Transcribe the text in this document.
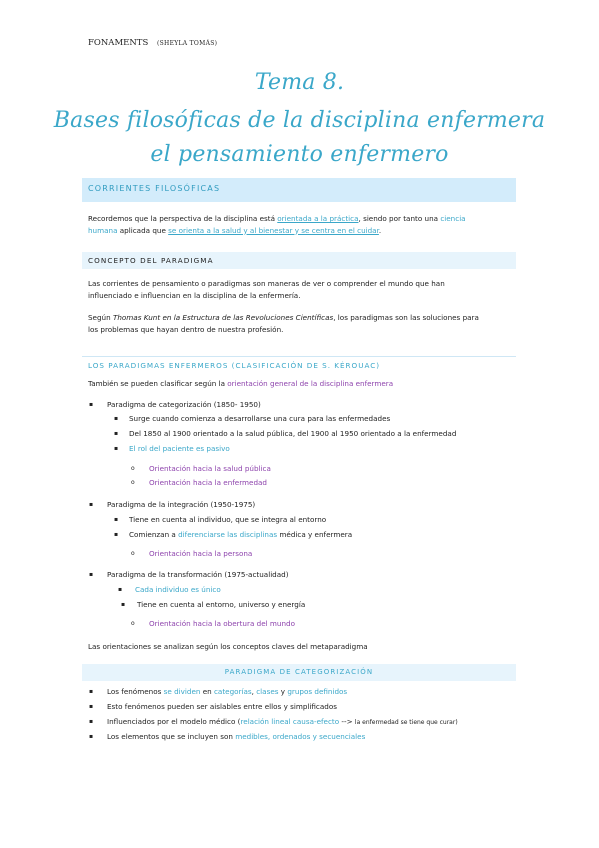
FONAMENTS (SHEYLA TOMÁS)
Tema 8.
Bases filosóficas de la disciplina enfermera
el pensamiento enfermero
CORRIENTES FILOSÓFICAS
Recordemos que la perspectiva de la disciplina está orientada a la práctica, siendo por tanto una ciencia
humana aplicada que se orienta a la salud y al bienestar y se centra en el cuidar.
CONCEPTO DEL PARADIGMA
Las corrientes de pensamiento o paradigmas son maneras de ver o comprender el mundo que han
influenciado e influencian en la disciplina de la enfermería.
Según Thomas Kunt en la Estructura de las Revoluciones Científicas, los paradigmas son las soluciones para
los problemas que hayan dentro de nuestra profesión.
LOS PARADIGMAS ENFERMEROS (CLASIFICACIÓN DE S. KÉROUAC)
También se pueden clasificar según la orientación general de la disciplina enfermera
▪ Paradigma de categorización (1850- 1950)
▪ Surge cuando comienza a desarrollarse una cura para las enfermedades
▪ Del 1850 al 1900 orientado a la salud pública, del 1900 al 1950 orientado a la enfermedad
▪ El rol del paciente es pasivo
o Orientación hacia la salud pública
o Orientación hacia la enfermedad
▪ Paradigma de la integración (1950-1975)
▪ Tiene en cuenta al individuo, que se integra al entorno
▪ Comienzan a diferenciarse las disciplinas médica y enfermera
o Orientación hacia la persona
▪ Paradigma de la transformación (1975-actualidad)
▪ Cada individuo es único
▪ Tiene en cuenta al entorno, universo y energía
o Orientación hacia la obertura del mundo
Las orientaciones se analizan según los conceptos claves del metaparadigma
PARADIGMA DE CATEGORIZACIÓN
▪ Los fenómenos se dividen en categorías, clases y grupos definidos
▪ Esto fenómenos pueden ser aislables entre ellos y simplificados
▪ Influenciados por el modelo médico (relación lineal causa-efecto --> la enfermedad se tiene que curar)
▪ Los elementos que se incluyen son medibles, ordenados y secuenciales
